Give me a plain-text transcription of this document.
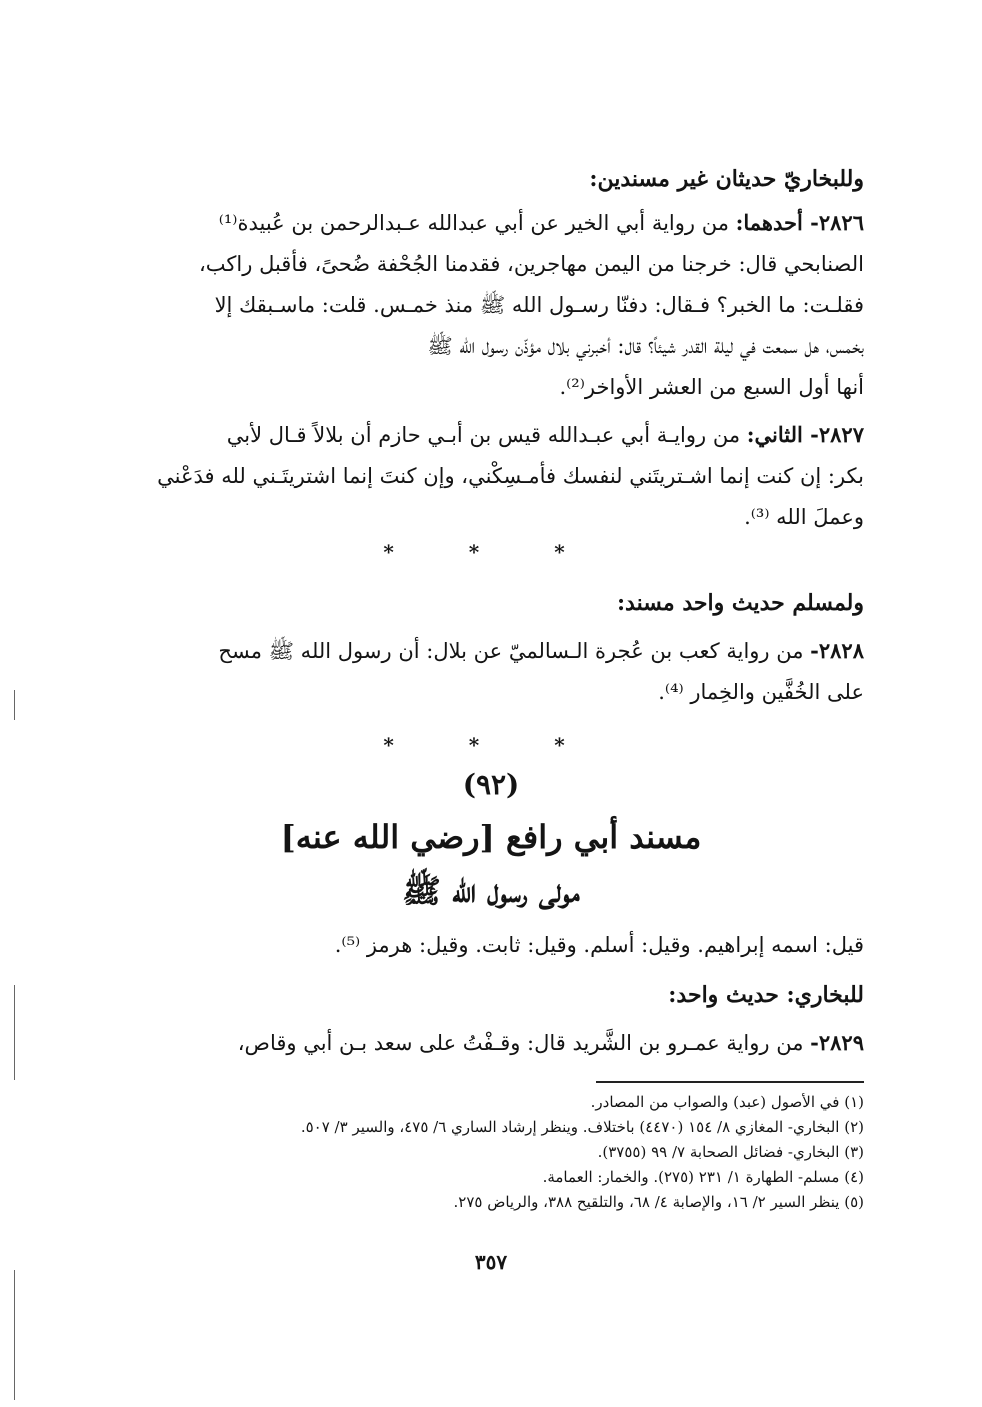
وللبخاريّ حديثان غير مسندين:
٢٨٢٦- أحدهما: من رواية أبي الخير عن أبي عبدالله عـبدالرحمن بن عُبيدة⁽¹⁾
الصنابحي قال: خرجنا من اليمن مهاجرين، فقدمنا الجُحْفة ضُحىً، فأقبل راكب،
فقلـت: ما الخبر؟ فـقال: دفنّا رسـول الله ﷺ منذ خمـس. قلت: ماسـبقك إلا
بخمس، هل سمعت في ليلة القدر شيئاً؟ قال: أخبرني بلال مؤذّن رسول الله ﷺ
أنها أول السبع من العشر الأواخر⁽²⁾.
٢٨٢٧- الثاني: من روايـة أبي عبـدالله قيس بن أبـي حازم أن بلالاً قـال لأبي
بكر: إن كنت إنما اشـتريتَني لنفسك فأمـسِكْني، وإن كنتَ إنما اشتريتَـني لله فدَعْني
وعملَ الله ⁽³⁾.
* * *
ولمسلم حديث واحد مسند:
٢٨٢٨- من رواية كعب بن عُجرة الـسالميّ عن بلال: أن رسول الله ﷺ مسح
على الخُفَّين والخِمار ⁽⁴⁾.
* * *
(٩٢)
مسند أبي رافع [رضي الله عنه]
مولى رسول الله ﷺ
قيل: اسمه إبراهيم. وقيل: أسلم. وقيل: ثابت. وقيل: هرمز ⁽⁵⁾.
للبخاري: حديث واحد:
٢٨٢٩- من رواية عمـرو بن الشَّريد قال: وقـفْتُ على سعد بـن أبي وقاص،
(١) في الأصول (عبد) والصواب من المصادر.
(٢) البخاري- المغازي ٨/ ١٥٤ (٤٤٧٠) باختلاف. وينظر إرشاد الساري ٦/ ٤٧٥، والسير ٣/ ٥٠٧.
(٣) البخاري- فضائل الصحابة ٧/ ٩٩ (٣٧٥٥).
(٤) مسلم- الطهارة ١/ ٢٣١ (٢٧٥). والخمار: العمامة.
(٥) ينظر السير ٢/ ١٦، والإصابة ٤/ ٦٨، والتلقيح ٣٨٨، والرياض ٢٧٥.
٣٥٧
